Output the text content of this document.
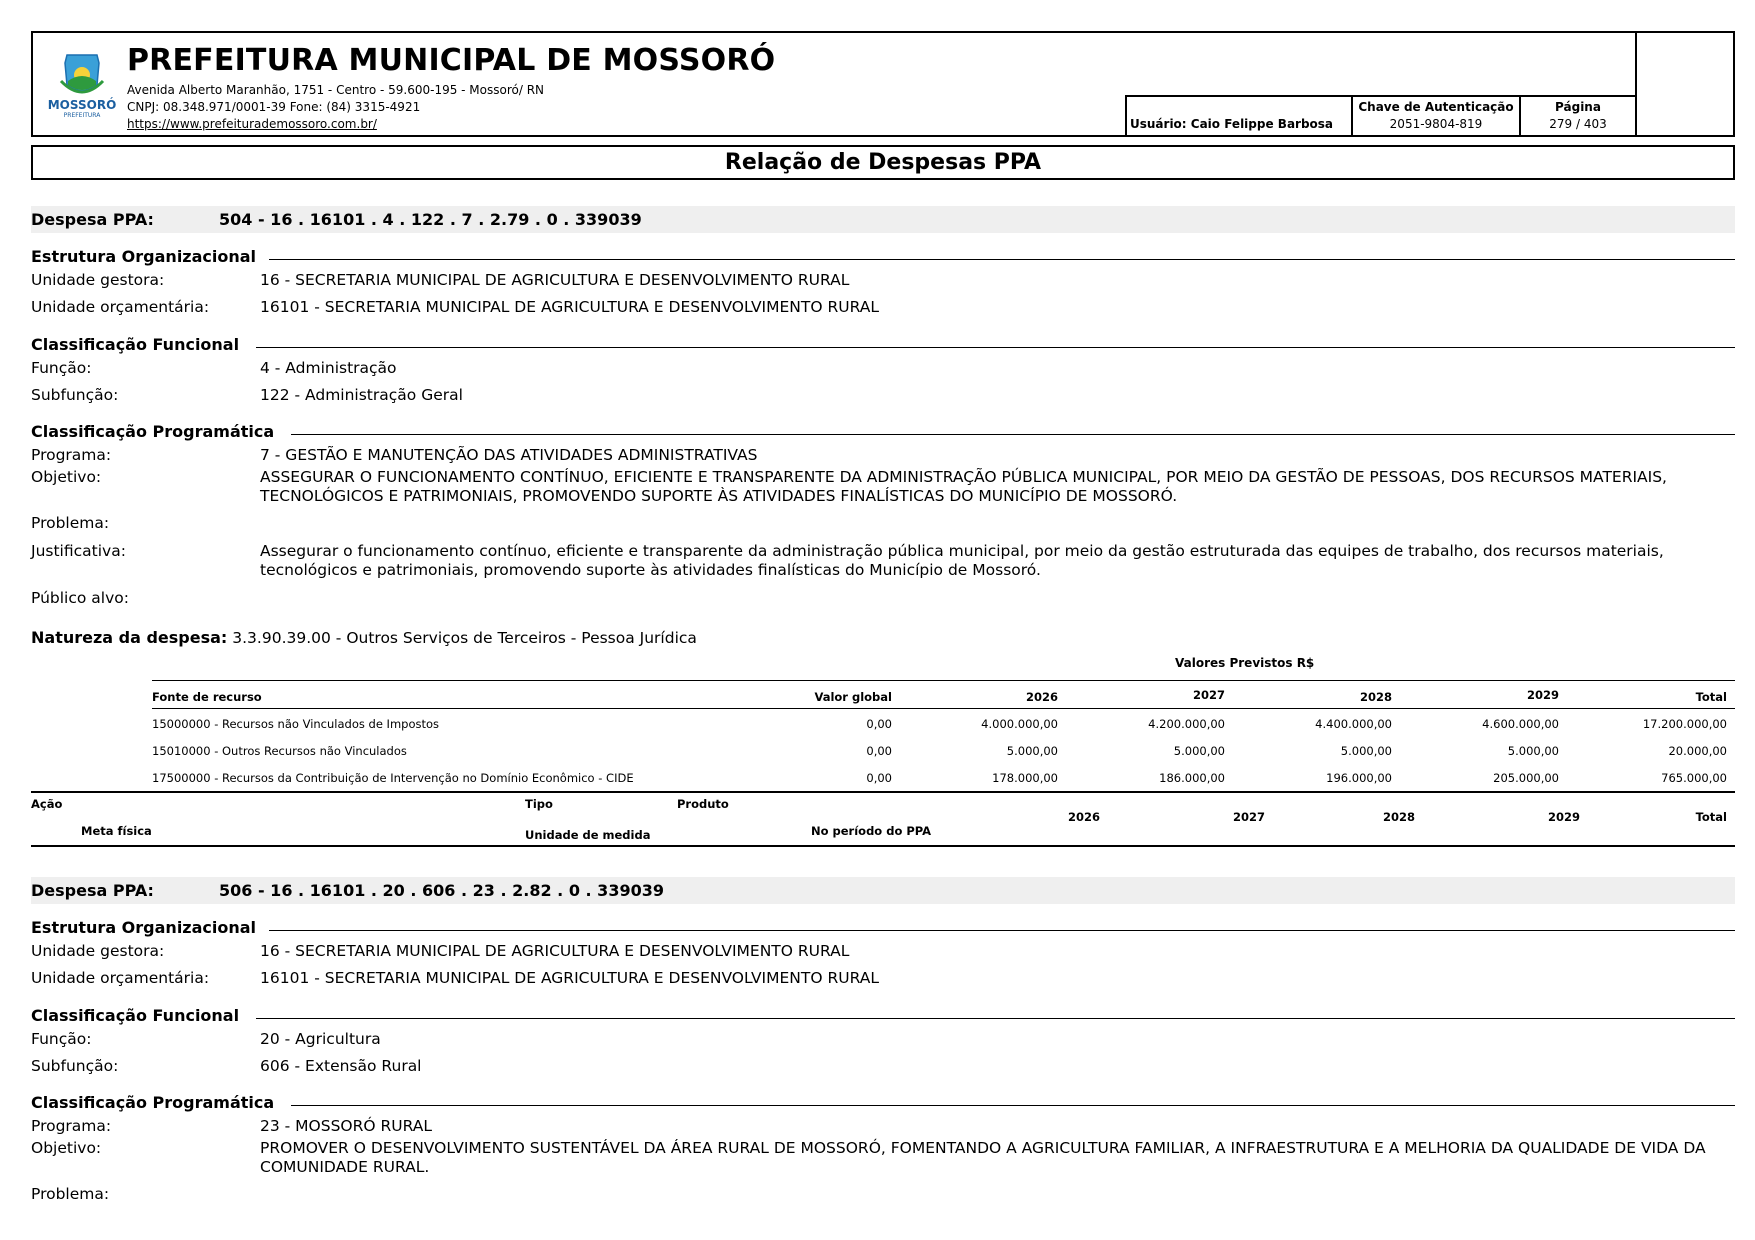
MOSSORÓ
PREFEITURA
PREFEITURA MUNICIPAL DE MOSSORÓ
Avenida Alberto Maranhão, 1751 - Centro - 59.600-195 - Mossoró/ RN
CNPJ: 08.348.971/0001-39 Fone: (84) 3315-4921
https://www.prefeiturademossoro.com.br/	Usuário: Caio Felippe Barbosa
Chave de Autenticação
2051-9804-819
Página
279 / 403
Relação de Despesas PPA
Despesa PPA:	504 - 16 . 16101 . 4 . 122 . 7 . 2.79 . 0 . 339039
Estrutura Organizacional
Unidade gestora:	16 - SECRETARIA MUNICIPAL DE AGRICULTURA E DESENVOLVIMENTO RURAL
Unidade orçamentária:	16101 - SECRETARIA MUNICIPAL DE AGRICULTURA E DESENVOLVIMENTO RURAL
Classificação Funcional
Função:	4 - Administração
Subfunção:	122 - Administração Geral
Classificação Programática
Programa:	7 - GESTÃO E MANUTENÇÃO DAS ATIVIDADES ADMINISTRATIVAS
Objetivo:	ASSEGURAR O FUNCIONAMENTO CONTÍNUO, EFICIENTE E TRANSPARENTE DA ADMINISTRAÇÃO PÚBLICA MUNICIPAL, POR MEIO DA GESTÃO DE PESSOAS, DOS RECURSOS MATERIAIS, TECNOLÓGICOS E PATRIMONIAIS, PROMOVENDO SUPORTE ÀS ATIVIDADES FINALÍSTICAS DO MUNICÍPIO DE MOSSORÓ.
Problema:
Justificativa:	Assegurar o funcionamento contínuo, eficiente e transparente da administração pública municipal, por meio da gestão estruturada das equipes de trabalho, dos recursos materiais, tecnológicos e patrimoniais, promovendo suporte às atividades finalísticas do Município de Mossoró.
Público alvo:
Natureza da despesa: 3.3.90.39.00 - Outros Serviços de Terceiros - Pessoa Jurídica
Valores Previstos R$
Fonte de recurso	Valor global	2026	2027	2028	2029	Total
15000000 - Recursos não Vinculados de Impostos	0,00	4.000.000,00	4.200.000,00	4.400.000,00	4.600.000,00	17.200.000,00
15010000 - Outros Recursos não Vinculados	0,00	5.000,00	5.000,00	5.000,00	5.000,00	20.000,00
17500000 - Recursos da Contribuição de Intervenção no Domínio Econômico - CIDE	0,00	178.000,00	186.000,00	196.000,00	205.000,00	765.000,00
Ação	Tipo	Produto
Meta física	Unidade de medida	No período do PPA
2026	2027	2028	2029	Total
Despesa PPA:	506 - 16 . 16101 . 20 . 606 . 23 . 2.82 . 0 . 339039
Estrutura Organizacional
Unidade gestora:	16 - SECRETARIA MUNICIPAL DE AGRICULTURA E DESENVOLVIMENTO RURAL
Unidade orçamentária:	16101 - SECRETARIA MUNICIPAL DE AGRICULTURA E DESENVOLVIMENTO RURAL
Classificação Funcional
Função:	20 - Agricultura
Subfunção:	606 - Extensão Rural
Classificação Programática
Programa:	23 - MOSSORÓ RURAL
Objetivo:	PROMOVER O DESENVOLVIMENTO SUSTENTÁVEL DA ÁREA RURAL DE MOSSORÓ, FOMENTANDO A AGRICULTURA FAMILIAR, A INFRAESTRUTURA E A MELHORIA DA QUALIDADE DE VIDA DA COMUNIDADE RURAL.
Problema:
